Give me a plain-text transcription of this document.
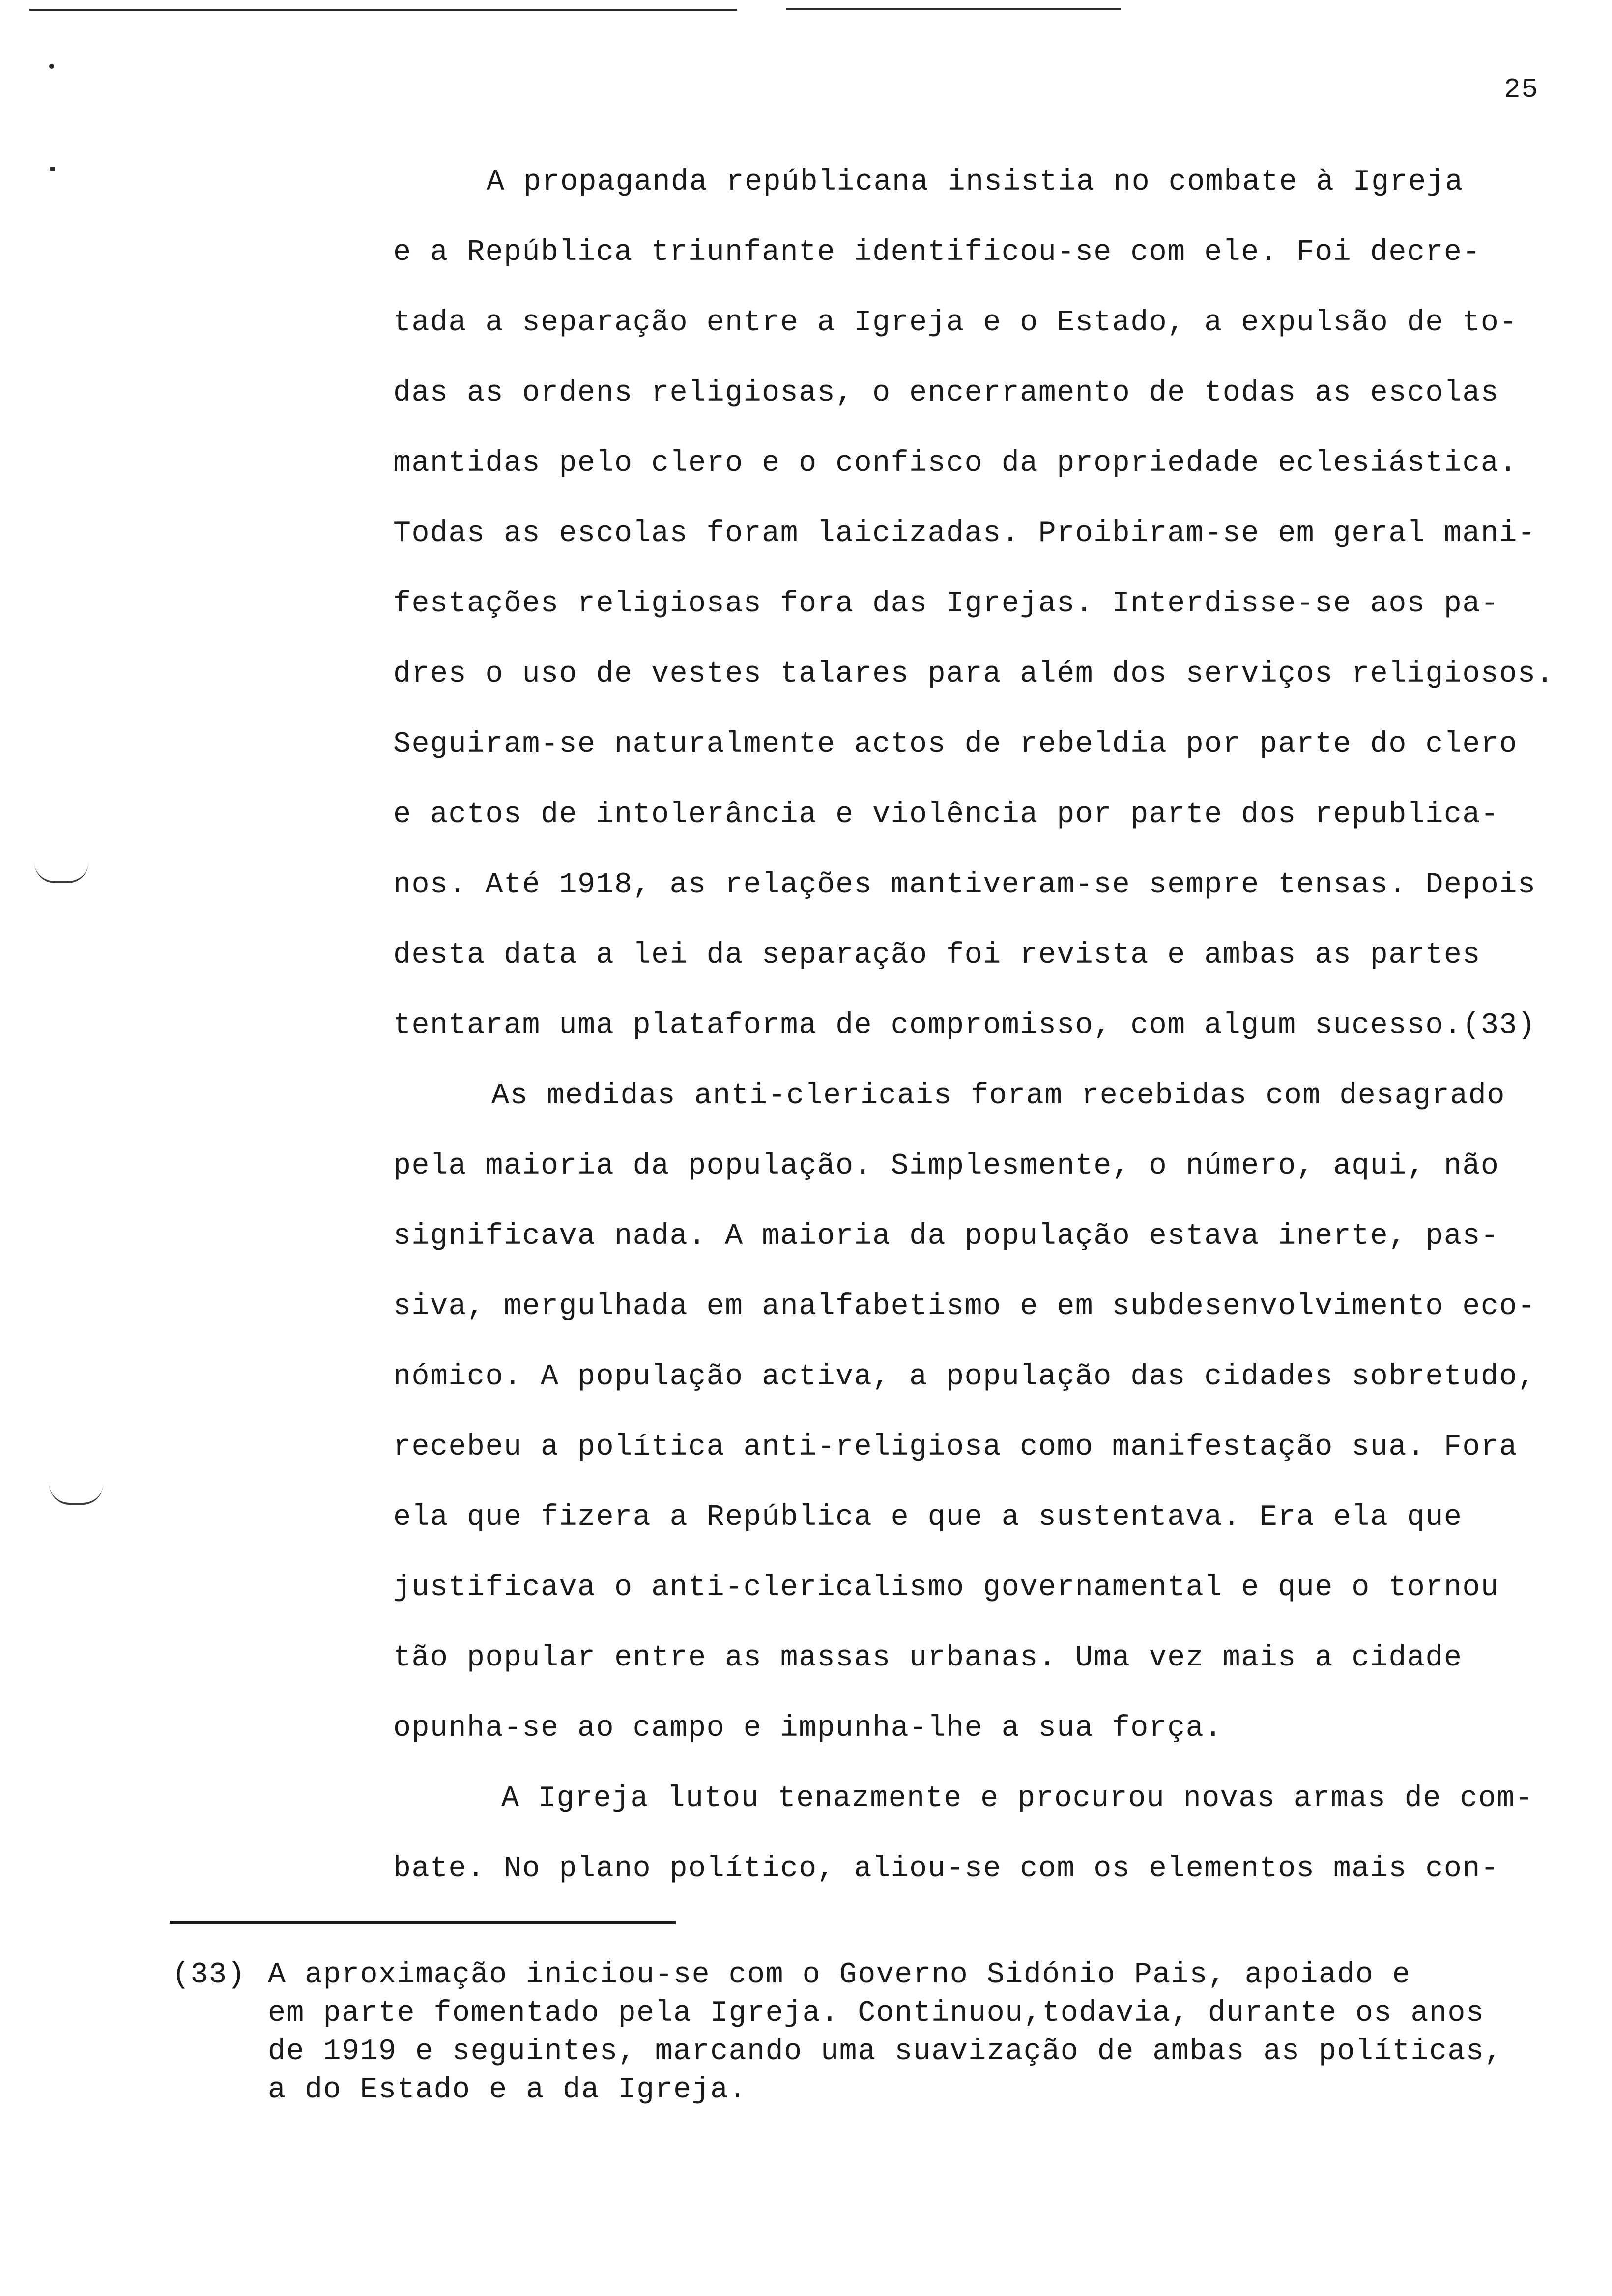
25
A propaganda repúblicana insistia no combate à Igreja
e a República triunfante identificou-se com ele. Foi decre-
tada a separação entre a Igreja e o Estado, a expulsão de to-
das as ordens religiosas, o encerramento de todas as escolas
mantidas pelo clero e o confisco da propriedade eclesiástica.
Todas as escolas foram laicizadas. Proibiram-se em geral mani-
festações religiosas fora das Igrejas. Interdisse-se aos pa-
dres o uso de vestes talares para além dos serviços religiosos.
Seguiram-se naturalmente actos de rebeldia por parte do clero
e actos de intolerância e violência por parte dos republica-
nos. Até 1918, as relações mantiveram-se sempre tensas. Depois
desta data a lei da separação foi revista e ambas as partes
tentaram uma plataforma de compromisso, com algum sucesso.(33)
As medidas anti-clericais foram recebidas com desagrado
pela maioria da população. Simplesmente, o número, aqui, não
significava nada. A maioria da população estava inerte, pas-
siva, mergulhada em analfabetismo e em subdesenvolvimento eco-
nómico. A população activa, a população das cidades sobretudo,
recebeu a política anti-religiosa como manifestação sua. Fora
ela que fizera a República e que a sustentava. Era ela que
justificava o anti-clericalismo governamental e que o tornou
tão popular entre as massas urbanas. Uma vez mais a cidade
opunha-se ao campo e impunha-lhe a sua força.
A Igreja lutou tenazmente e procurou novas armas de com-
bate. No plano político, aliou-se com os elementos mais con-
(33) A aproximação iniciou-se com o Governo Sidónio Pais, apoiado e
em parte fomentado pela Igreja. Continuou,todavia, durante os anos
de 1919 e seguintes, marcando uma suavização de ambas as políticas,
a do Estado e a da Igreja.
